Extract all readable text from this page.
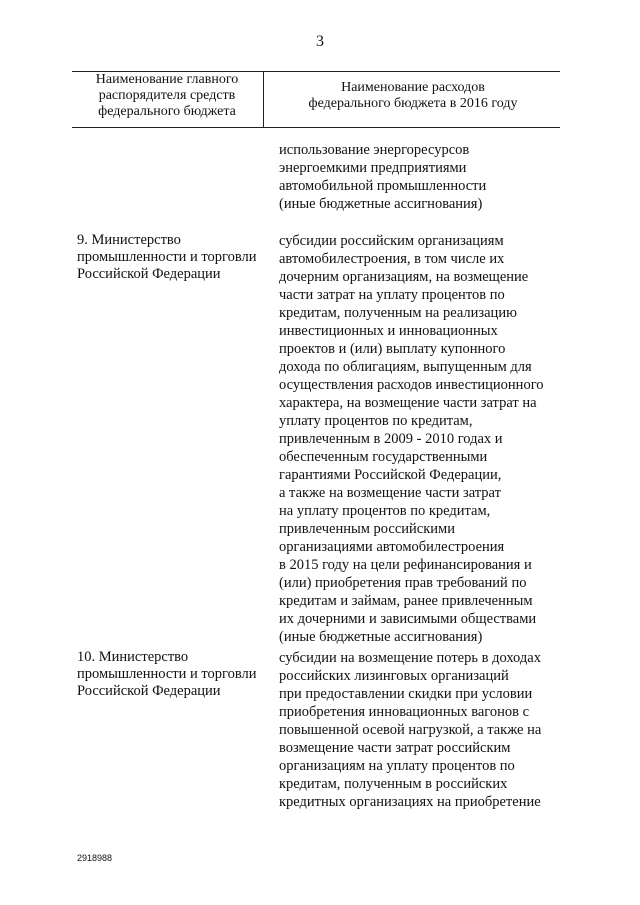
3
Наименование главного
распорядителя средств
федерального бюджета
Наименование расходов
федерального бюджета в 2016 году
использование энергоресурсов
энергоемкими предприятиями
автомобильной промышленности
(иные бюджетные ассигнования)
9. Министерство
промышленности и торговли
Российской Федерации
субсидии российским организациям
автомобилестроения, в том числе их
дочерним организациям, на возмещение
части затрат на уплату процентов по
кредитам, полученным на реализацию
инвестиционных и инновационных
проектов и (или) выплату купонного
дохода по облигациям, выпущенным для
осуществления расходов инвестиционного
характера, на возмещение части затрат на
уплату процентов по кредитам,
привлеченным в 2009 - 2010 годах и
обеспеченным государственными
гарантиями Российской Федерации,
а также на возмещение части затрат
на уплату процентов по кредитам,
привлеченным российскими
организациями автомобилестроения
в 2015 году на цели рефинансирования и
(или) приобретения прав требований по
кредитам и займам, ранее привлеченным
их дочерними и зависимыми обществами
(иные бюджетные ассигнования)
10. Министерство
промышленности и торговли
Российской Федерации
субсидии на возмещение потерь в доходах
российских лизинговых организаций
при предоставлении скидки при условии
приобретения инновационных вагонов с
повышенной осевой нагрузкой, а также на
возмещение части затрат российским
организациям на уплату процентов по
кредитам, полученным в российских
кредитных организациях на приобретение
2918988
